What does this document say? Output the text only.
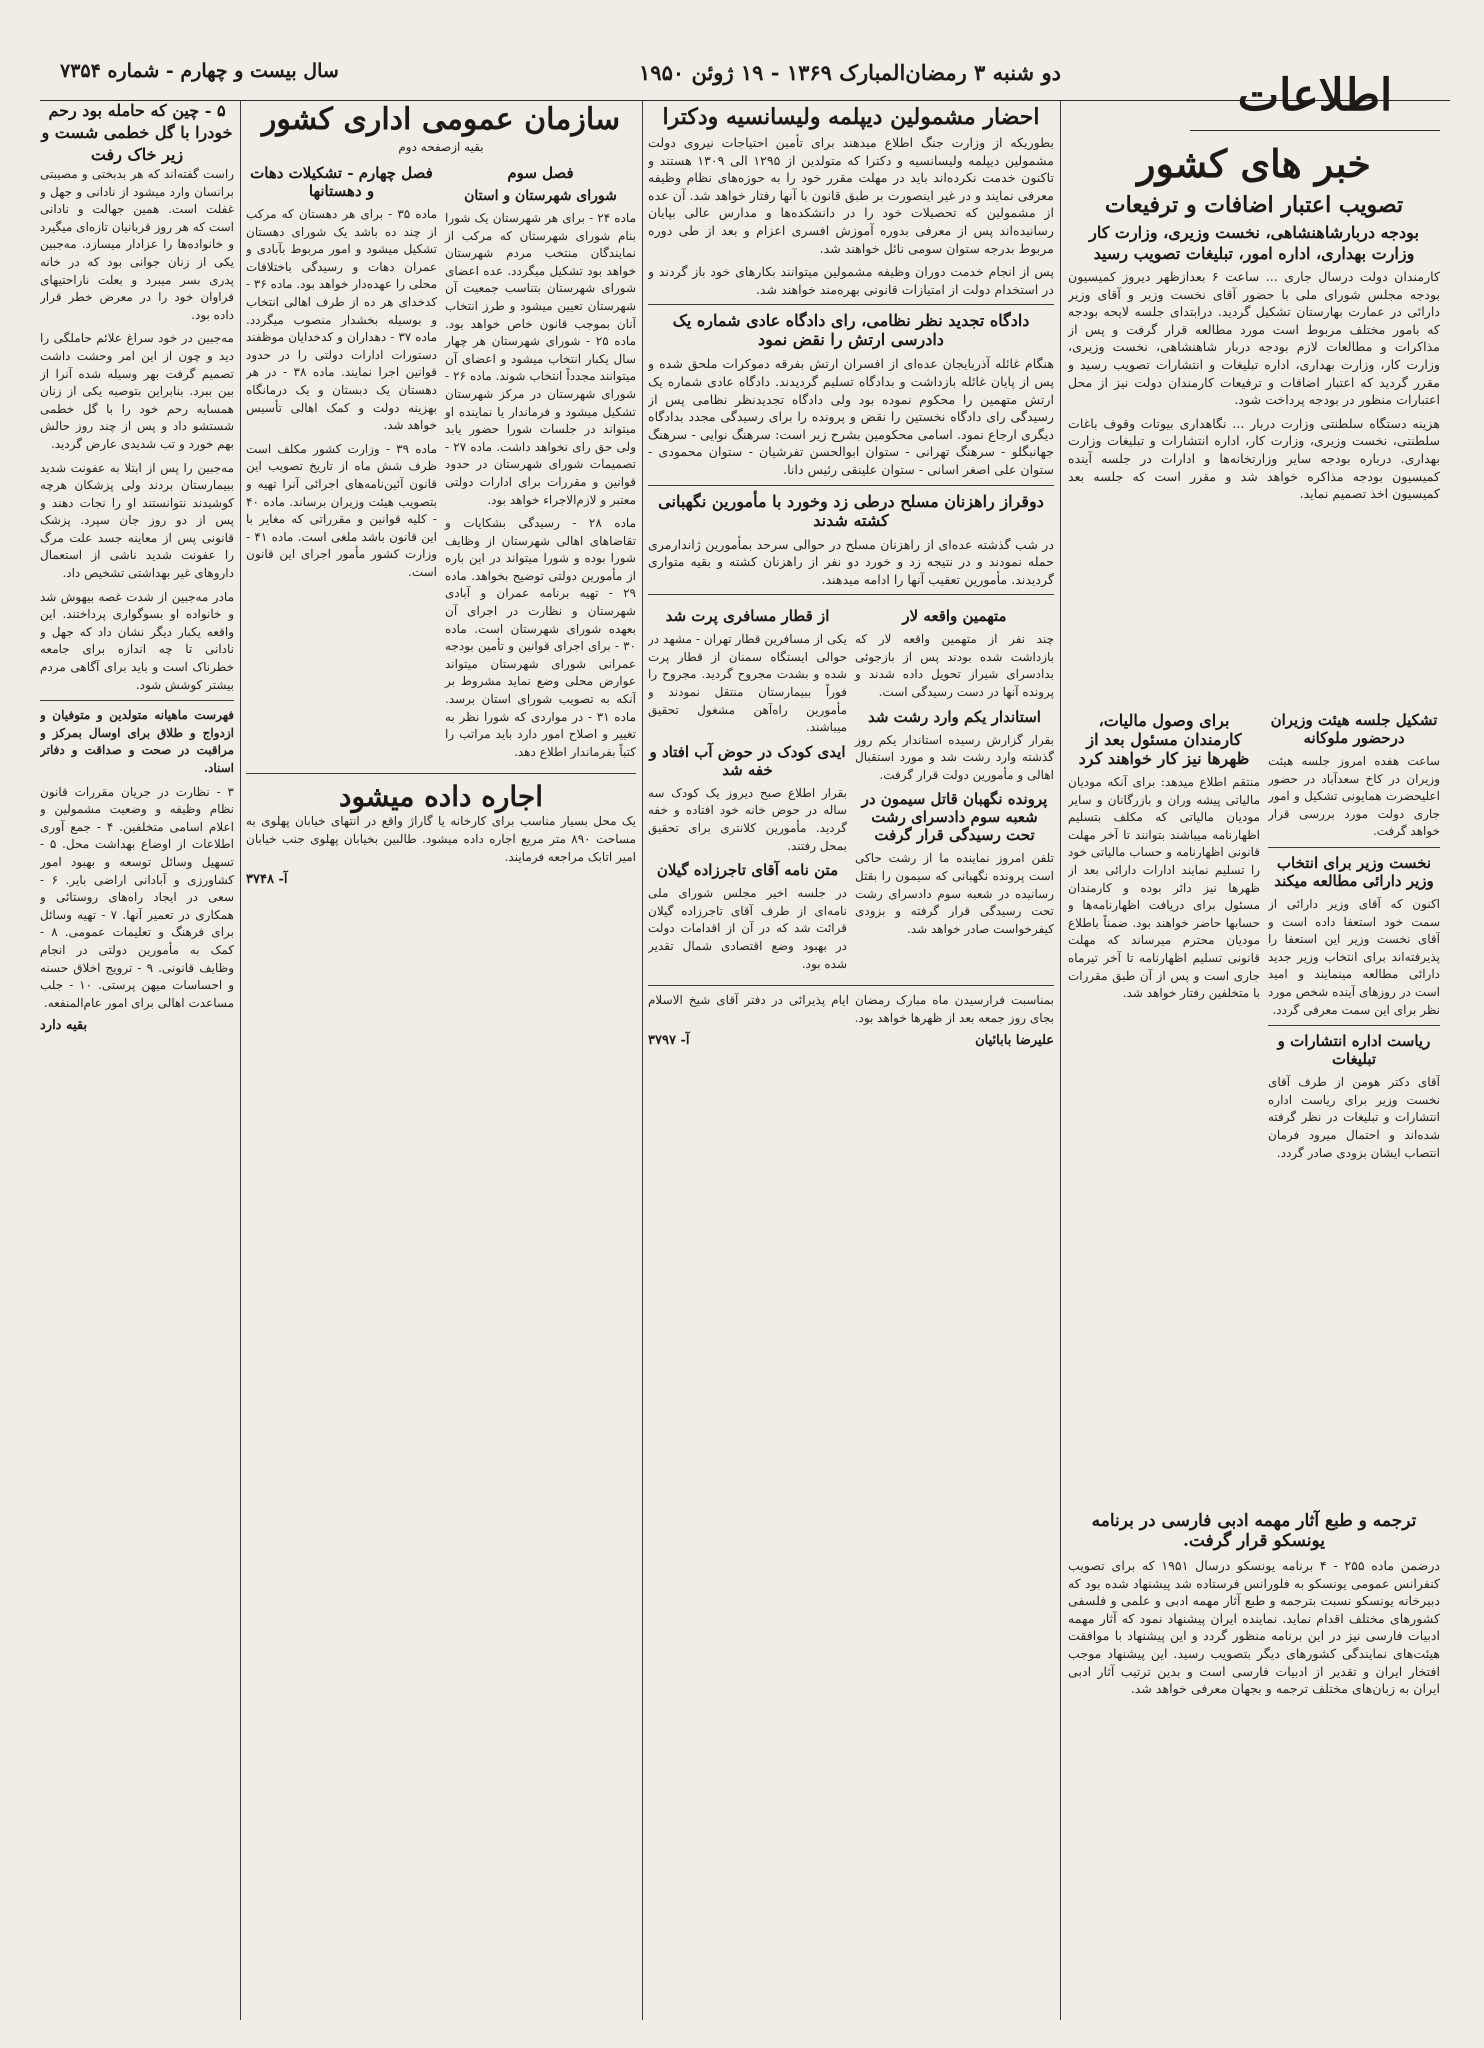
دو شنبه ۳ رمضان‌المبارک ۱۳۶۹ - ۱۹ ژوئن ۱۹۵۰
سال بیست و چهارم - شماره ۷۳۵۴	اطلاعات
خبر های کشور
تصویب اعتبار اضافات و ترفیعات
بودجه دربارشاهنشاهی، نخست وزیری، وزارت کار وزارت بهداری، اداره امور، تبلیغات تصویب رسید

کارمندان دولت درسال جاری ... ساعت ۶ بعدازظهر دیروز کمیسیون بودجه مجلس شورای ملی با حضور آقای نخست وزیر و آقای وزیر دارائی در عمارت بهارستان تشکیل گردید. درابتدای جلسه لایحه بودجه که بامور مختلف مربوط است مورد مطالعه قرار گرفت و پس از مذاکرات و مطالعات لازم بودجه دربار شاهنشاهی، نخست وزیری، وزارت کار، وزارت بهداری، اداره تبلیغات و انتشارات تصویب رسید و مقرر گردید که اعتبار اضافات و ترفیعات کارمندان دولت نیز از محل اعتبارات منظور در بودجه پرداخت شود.

هزینه دستگاه سلطنتی وزارت دربار ... نگاهداری بیوتات وقوف باغات سلطنتی، نخست وزیری، وزارت کار، اداره انتشارات و تبلیغات وزارت بهداری. درباره بودجه سایر وزارتخانه‌ها و ادارات در جلسه آینده کمیسیون بودجه مذاکره خواهد شد و مقرر است که جلسه بعد کمیسیون اخذ تصمیم نماید.

تشکیل جلسه هیئت وزیران درحضور ملوکانه

ساعت هفده امروز جلسه هیئت وزیران در کاخ سعدآباد در حضور اعلیحضرت همایونی تشکیل و امور جاری دولت مورد بررسی قرار خواهد گرفت.

نخست وزیر برای انتخاب وزیر دارائی مطالعه میکند

اکنون که آقای وزیر دارائی از سمت خود استعفا داده است و آقای نخست وزیر این استعفا را پذیرفته‌اند برای انتخاب وزیر جدید دارائی مطالعه مینمایند و امید است در روزهای آینده شخص مورد نظر برای این سمت معرفی گردد.

ریاست اداره انتشارات و تبلیغات

آقای دکتر هومن از طرف آقای نخست وزیر برای ریاست اداره انتشارات و تبلیغات در نظر گرفته شده‌اند و احتمال میرود فرمان انتصاب ایشان بزودی صادر گردد.

برای وصول مالیات، کارمندان مسئول بعد از ظهرها نیز کار خواهند کرد

منتقم اطلاع میدهد: برای آنکه مودیان مالیاتی پیشه وران و بازرگانان و سایر مودیان مالیاتی که مکلف بتسلیم اظهارنامه میباشند بتوانند تا آخر مهلت قانونی اظهارنامه و حساب مالیاتی خود را تسلیم نمایند ادارات دارائی بعد از ظهرها نیز دائر بوده و کارمندان مسئول برای دریافت اظهارنامه‌ها و حسابها حاضر خواهند بود. ضمناً باطلاع مودیان محترم میرساند که مهلت قانونی تسلیم اظهارنامه تا آخر تیرماه جاری است و پس از آن طبق مقررات با متخلفین رفتار خواهد شد.

ترجمه و طبع آثار مهمه ادبی فارسی در برنامه یونسکو قرار گرفت.

درضمن ماده ۲۵۵ - ۴ برنامه یونسکو درسال ۱۹۵۱ که برای تصویب کنفرانس عمومی یونسکو به فلورانس فرستاده شد پیشنهاد شده بود که دبیرخانه یونسکو نسبت بترجمه و طبع آثار مهمه ادبی و علمی و فلسفی کشورهای مختلف اقدام نماید. نماینده ایران پیشنهاد نمود که آثار مهمه ادبیات فارسی نیز در این برنامه منظور گردد و این پیشنهاد با موافقت هیئت‌های نمایندگی کشورهای دیگر بتصویب رسید. این پیشنهاد موجب افتخار ایران و تقدیر از ادبیات فارسی است و بدین ترتیب آثار ادبی ایران به زبان‌های مختلف ترجمه و بجهان معرفی خواهد شد.

احضار مشمولین دیپلمه ولیسانسیه ودکترا

بطوریکه از وزارت جنگ اطلاع میدهند برای تأمین احتیاجات نیروی دولت مشمولین دیپلمه ولیسانسیه و دکترا که متولدین از ۱۲۹۵ الی ۱۳۰۹ هستند و تاکنون خدمت نکرده‌اند باید در مهلت مقرر خود را به حوزه‌های نظام وظیفه معرفی نمایند و در غیر اینصورت بر طبق قانون با آنها رفتار خواهد شد. آن عده از مشمولین که تحصیلات خود را در دانشکده‌ها و مدارس عالی بپایان رسانیده‌اند پس از معرفی بدوره آموزش افسری اعزام و بعد از طی دوره مربوط بدرجه ستوان سومی نائل خواهند شد.

پس از انجام خدمت دوران وظیفه مشمولین میتوانند بکارهای خود باز گردند و در استخدام دولت از امتیازات قانونی بهره‌مند خواهند شد.

دادگاه تجدید نظر نظامی، رای دادگاه عادی شماره یک دادرسی ارتش را نقض نمود

هنگام غائله آذربایجان عده‌ای از افسران ارتش بفرقه دموکرات ملحق شده و پس از پایان غائله بازداشت و بدادگاه تسلیم گردیدند. دادگاه عادی شماره یک ارتش متهمین را محکوم نموده بود ولی دادگاه تجدیدنظر نظامی پس از رسیدگی رای دادگاه نخستین را نقض و پرونده را برای رسیدگی مجدد بدادگاه دیگری ارجاع نمود. اسامی محکومین بشرح زیر است: سرهنگ نوایی - سرهنگ جهانبگلو - سرهنگ تهرانی - ستوان ابوالحسن تفرشیان - ستوان محمودی - ستوان علی اصغر اسانی - ستوان علینقی رئیس دانا.

دوقراز راهزنان مسلح درطی زد وخورد با مأمورین نگهبانی کشته شدند

در شب گذشته عده‌ای از راهزنان مسلح در حوالی سرحد بمأمورین ژاندارمری حمله نمودند و در نتیجه زد و خورد دو نفر از راهزنان کشته و بقیه متواری گردیدند. مأمورین تعقیب آنها را ادامه میدهند.

متهمین واقعه لار

چند نفر از متهمین واقعه لار که بازداشت شده بودند پس از بازجوئی بدادسرای شیراز تحویل داده شدند و پرونده آنها در دست رسیدگی است.

استاندار یکم وارد رشت شد

بقرار گزارش رسیده استاندار یکم روز گذشته وارد رشت شد و مورد استقبال اهالی و مأمورین دولت قرار گرفت.

پرونده نگهبان قاتل سیمون در شعبه سوم دادسرای رشت تحت رسیدگی قرار گرفت

تلفن امروز نماینده ما از رشت حاکی است پرونده نگهبانی که سیمون را بقتل رسانیده در شعبه سوم دادسرای رشت تحت رسیدگی قرار گرفته و بزودی کیفرخواست صادر خواهد شد.

از قطار مسافری پرت شد

یکی از مسافرین قطار تهران - مشهد در حوالی ایستگاه سمنان از قطار پرت شده و بشدت مجروح گردید. مجروح را فوراً ببیمارستان منتقل نمودند و مأمورین راه‌آهن مشغول تحقیق میباشند.

ایدی کودک در حوض آب افتاد و خفه شد

بقرار اطلاع صبح دیروز یک کودک سه ساله در حوض خانه خود افتاده و خفه گردید. مأمورین کلانتری برای تحقیق بمحل رفتند.

متن نامه آقای تاجرزاده گیلان

در جلسه اخیر مجلس شورای ملی نامه‌ای از طرف آقای تاجرزاده گیلان قرائت شد که در آن از اقدامات دولت در بهبود وضع اقتصادی شمال تقدیر شده بود.

بمناسبت فرارسیدن ماه مبارک رمضان ایام پذیرائی در دفتر آقای شیخ الاسلام بجای روز جمعه بعد از ظهرها خواهد بود.

آ- ۳۷۹۷	علیرضا بابائیان
سازمان عمومی اداری کشور
بقیه ازصفحه دوم
فصل سوم
شورای شهرستان و استان

ماده ۲۴ - برای هر شهرستان یک شورا بنام شورای شهرستان که مرکب از نمایندگان منتخب مردم شهرستان خواهد بود تشکیل میگردد. عده اعضای شورای شهرستان بتناسب جمعیت آن شهرستان تعیین میشود و طرز انتخاب آنان بموجب قانون خاص خواهد بود. ماده ۲۵ - شورای شهرستان هر چهار سال یکبار انتخاب میشود و اعضای آن میتوانند مجدداً انتخاب شوند. ماده ۲۶ - شورای شهرستان در مرکز شهرستان تشکیل میشود و فرماندار یا نماینده او میتواند در جلسات شورا حضور یابد ولی حق رای نخواهد داشت. ماده ۲۷ - تصمیمات شورای شهرستان در حدود قوانین و مقررات برای ادارات دولتی معتبر و لازم‌الاجراء خواهد بود.

ماده ۲۸ - رسیدگی بشکایات و تقاضاهای اهالی شهرستان از وظایف شورا بوده و شورا میتواند در این باره از مأمورین دولتی توضیح بخواهد. ماده ۲۹ - تهیه برنامه عمران و آبادی شهرستان و نظارت در اجرای آن بعهده شورای شهرستان است. ماده ۳۰ - برای اجرای قوانین و تأمین بودجه عمرانی شورای شهرستان میتواند عوارض محلی وضع نماید مشروط بر آنکه به تصویب شورای استان برسد. ماده ۳۱ - در مواردی که شورا نظر به تغییر و اصلاح امور دارد باید مراتب را کتباً بفرماندار اطلاع دهد.

فصل چهارم - تشکیلات دهات و دهستانها

ماده ۳۵ - برای هر دهستان که مرکب از چند ده باشد یک شورای دهستان تشکیل میشود و امور مربوط بآبادی و عمران دهات و رسیدگی باختلافات محلی را عهده‌دار خواهد بود. ماده ۳۶ - کدخدای هر ده از طرف اهالی انتخاب و بوسیله بخشدار منصوب میگردد. ماده ۳۷ - دهداران و کدخدایان موظفند دستورات ادارات دولتی را در حدود قوانین اجرا نمایند. ماده ۳۸ - در هر دهستان یک دبستان و یک درمانگاه بهزینه دولت و کمک اهالی تأسیس خواهد شد.

ماده ۳۹ - وزارت کشور مکلف است ظرف شش ماه از تاریخ تصویب این قانون آئین‌نامه‌های اجرائی آنرا تهیه و بتصویب هیئت وزیران برساند. ماده ۴۰ - کلیه قوانین و مقرراتی که مغایر با این قانون باشد ملغی است. ماده ۴۱ - وزارت کشور مأمور اجرای این قانون است.

اجاره داده میشود

یک محل بسیار مناسب برای کارخانه یا گاراژ واقع در انتهای خیابان پهلوی به مساحت ۸۹۰ متر مربع اجاره داده میشود. طالبین بخیابان پهلوی جنب خیابان امیر اتابک مراجعه فرمایند.

آ- ۳۷۴۸
۵ - چین که حامله بود رحم خودرا با گل خطمی شست و زیر خاک رفت

راست گفته‌اند که هر بدبختی و مصیبتی برانسان وارد میشود از نادانی و جهل و غفلت است. همین جهالت و نادانی است که هر روز قربانیان تازه‌ای میگیرد و خانواده‌ها را عزادار میسازد. مه‌جبین یکی از زنان جوانی بود که در خانه پدری بسر میبرد و بعلت ناراحتیهای فراوان خود را در معرض خطر قرار داده بود.

مه‌جبین در خود سراغ علائم حاملگی را دید و چون از این امر وحشت داشت تصمیم گرفت بهر وسیله شده آنرا از بین ببرد. بنابراین بتوصیه یکی از زنان همسایه رحم خود را با گل خطمی شستشو داد و پس از چند روز حالش بهم خورد و تب شدیدی عارض گردید.

مه‌جبین را پس از ابتلا به عفونت شدید ببیمارستان بردند ولی پزشکان هرچه کوشیدند نتوانستند او را نجات دهند و پس از دو روز جان سپرد. پزشک قانونی پس از معاینه جسد علت مرگ را عفونت شدید ناشی از استعمال داروهای غیر بهداشتی تشخیص داد.

مادر مه‌جبین از شدت غصه بیهوش شد و خانواده او بسوگواری پرداختند. این واقعه یکبار دیگر نشان داد که جهل و نادانی تا چه اندازه برای جامعه خطرناک است و باید برای آگاهی مردم بیشتر کوشش شود.

فهرست ماهیانه متولدین و متوفیان و ازدواج و طلاق برای اوسال بمرکز و مراقبت در صحت و صداقت و دفاتر اسناد.

۳ - نظارت در جریان مقررات قانون نظام وظیفه و وضعیت مشمولین و اعلام اسامی متخلفین. ۴ - جمع آوری اطلاعات از اوضاع بهداشت محل. ۵ - تسهیل وسائل توسعه و بهبود امور کشاورزی و آبادانی اراضی بایر. ۶ - سعی در ایجاد راه‌های روستائی و همکاری در تعمیر آنها. ۷ - تهیه وسائل برای فرهنگ و تعلیمات عمومی. ۸ - کمک به مأمورین دولتی در انجام وظایف قانونی. ۹ - ترویج اخلاق حسنه و احساسات میهن پرستی. ۱۰ - جلب مساعدت اهالی برای امور عام‌المنفعه.

بقیه دارد
